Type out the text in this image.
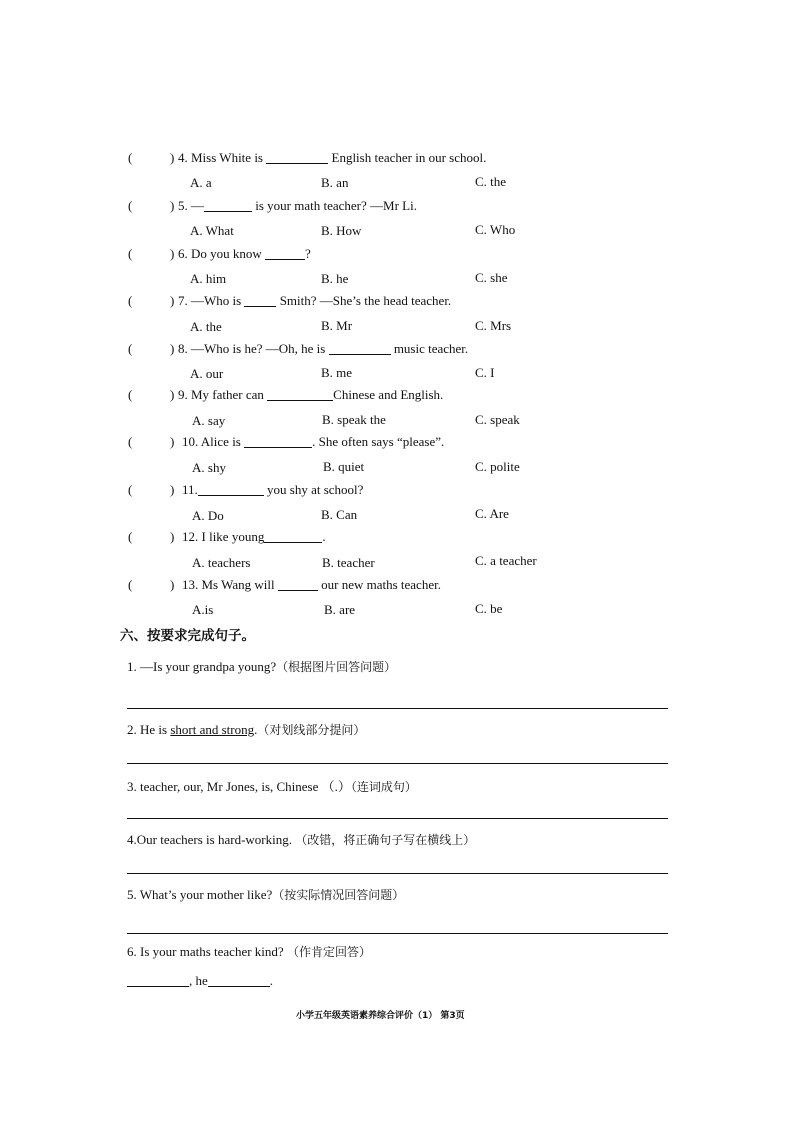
(	) 4. Miss White is	English teacher in our school.
A. a	B. an	C. the
(	) 5. —	is your math teacher? —Mr Li.
A. What	B. How	C. Who
(	) 6. Do you know	?
A. him	B. he	C. she
(	) 7. —Who is	Smith? —She’s the head teacher.
A. the	B. Mr	C. Mrs
(	) 8. —Who is he? —Oh, he is	music teacher.
A. our	B. me	C. I
(	) 9. My father can	Chinese and English.
A. say	B. speak the	C. speak
(	) 10. Alice is	. She often says “please”.
A. shy	B. quiet	C. polite
(	) 11.	you shy at school?
A. Do	B. Can	C. Are
(	) 12. I like young	.
A. teachers	B. teacher	C. a teacher
(	) 13. Ms Wang will	our new maths teacher.
A.is	B. are	C. be
六、按要求完成句子。
1. —Is your grandpa young?（根据图片回答问题）
2. He is short and strong.（对划线部分提问）
3. teacher, our, Mr Jones, is, Chinese （.）（连词成句）
4.Our teachers is hard-working. （改错，将正确句子写在横线上）
5. What’s your mother like?（按实际情况回答问题）
6. Is your maths teacher kind? （作肯定回答）
, he	.
小学五年级英语素养综合评价（1） 第3页
